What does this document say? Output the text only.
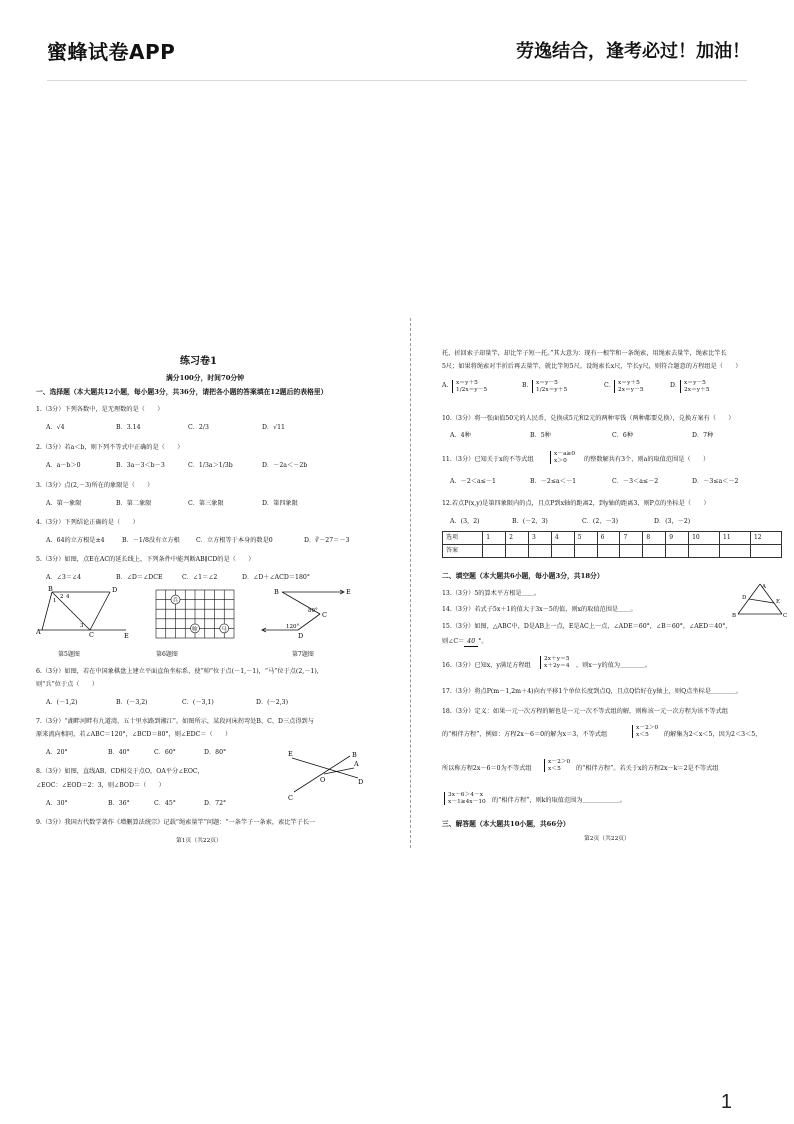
蜜蜂试卷APP	劳逸结合，逢考必过！加油！
练习卷1
满分100分，时间70分钟
一、选择题（本大题共12小题，每小题3分，共36分，请把各小题的答案填在12题后的表格里）
1.（3分）下列各数中，是无理数的是（　　）
A．√4	B．3.14	C．2/3	D．√11
2.（3分）若a＜b，则下列不等式中正确的是（　　）
A．a－b＞0	B．3a－3＜b－3	C．1/3a＞1/3b	D．－2a＜－2b
3.（3分）点(2,－3)所在的象限是（　　）
A．第一象限	B．第二象限	C．第三象限	D．第四象限
4.（3分）下列结论正确的是（　　）
A．64的立方根是±4	B．－1/8没有立方根	C．立方根等于本身的数是0	D．∛－27＝－3
5.（3分）如图，点E在AC的延长线上，下列条件中能判断AB∥CD的是（　　）
A．∠3＝∠4	B．∠D＝∠DCE	C．∠1＝∠2	D．∠D＋∠ACD＝180°
A
B
C
D
E
1
2
3
4
兵
马
帅
B
C
D
E
80°
120°
第5题图	第6题图	第7题图
6.（3分）如图，若在中国象棋盘上建立平面直角坐标系，使“帅”位于点(－1,－1)，“马”位于点(2,－1)，
则“兵”位于点（　　）
A．(－1,2)	B．(－3,2)	C．(－3,1)	D．(－2,3)
7.（3分）“湖畔河畔有九道湾，五十里水路到湘江”。如图所示，某段河床拐弯处B、C、D三点得到与
原来流向相同，若∠ABC＝120°，∠BCD＝80°，则∠EDC＝（　　）
A．20°	B．40°	C．60°	D．80°
8.（3分）如图，直线AB、CD相交于点O，OA平分∠EOC，
∠EOC：∠EOD＝2：3，则∠BOD＝（　　）
A．30°	B．36°	C．45°	D．72°
E	B
D
O
A
C
9.（3分）我国古代数学著作《增删算法统宗》记载“绳索量竿”问题：“一条竿子一条索，索比竿子长一
第1页（共22页）
托，折回索子却量竿，却比竿子短一托。”其大意为：现有一根竿和一条绳索，用绳索去量竿，绳索比竿长
5尺；如果将绳索对半折后再去量竿，就比竿短5尺。设绳索长x尺，竿长y尺，则符合题意的方程组是（　　）
A． x＝y＋5
1/2x＝y－5
B． x＝y－5
1/2x＝y＋5
C． x＝y＋5
2x＝y－5
D． x＝y－5
2x＝y＋5
10.（3分）将一张面值50元的人民币，兑换成5元和2元的两种零钱（两种都要兑换），兑换方案有（　　）
A．4种	B．5种	C．6种	D．7种
11.（3分）已知关于x的不等式组
x－a≥0
x＞0	的整数解共有3个，则a的取值范围是（　　）
A．－2＜a≤－1	B．－2≤a＜－1	C．－3＜a≤－2	D．－3≤a＜－2
12.若点P(x,y)是第四象限内的点，且点P到x轴的距离2，到y轴的距离3，则P点的坐标是（　　）
A．(3，2)	B．(－2，3)	C．(2，－3)	D．(3，－2)
选项	1	2	3	4	5	6	7	8	9	10	11	12
答案												
二、填空题（本大题共6小题，每小题3分，共18分）
13.（3分）5的算术平方根是＿＿。
14.（3分）若式子5x＋1的值大于3x－5的值，则x的取值范围是＿＿。
A
D
E
B	C
15.（3分）如图，△ABC中，D是AB上一点，E是AC上一点，∠ADE＝60°，∠B＝60°，∠AED＝40°，
则∠C＝ 40 °。
16.（3分）已知x、y满足方程组
2x＋y＝5
x＋2y＝4 ，则x－y的值为＿＿＿＿。
17.（3分）将点P(m－1,2m＋4)向右平移1个单位长度到点Q，且点Q恰好在y轴上，则Q点坐标是＿＿＿＿。
18.（3分）定义：如果一元一次方程的解也是一元一次不等式组的解，则称该一元一次方程为该不等式组
的“相伴方程”，例如：方程2x－6＝0的解为x＝3，不等式组
x－2＞0
x＜5	的解集为2＜x＜5，因为2＜3＜5，
所以称方程2x－6＝0为不等式组
x－2＞0
x＜5	的“相伴方程”。若关于x的方程2x－k＝2是不等式组
3x－6＞4－x
x－1≥4x－10 的“相伴方程”，则k的取值范围为＿＿＿＿＿＿。
三、解答题（本大题共10小题，共66分）
第2页（共22页）
1
